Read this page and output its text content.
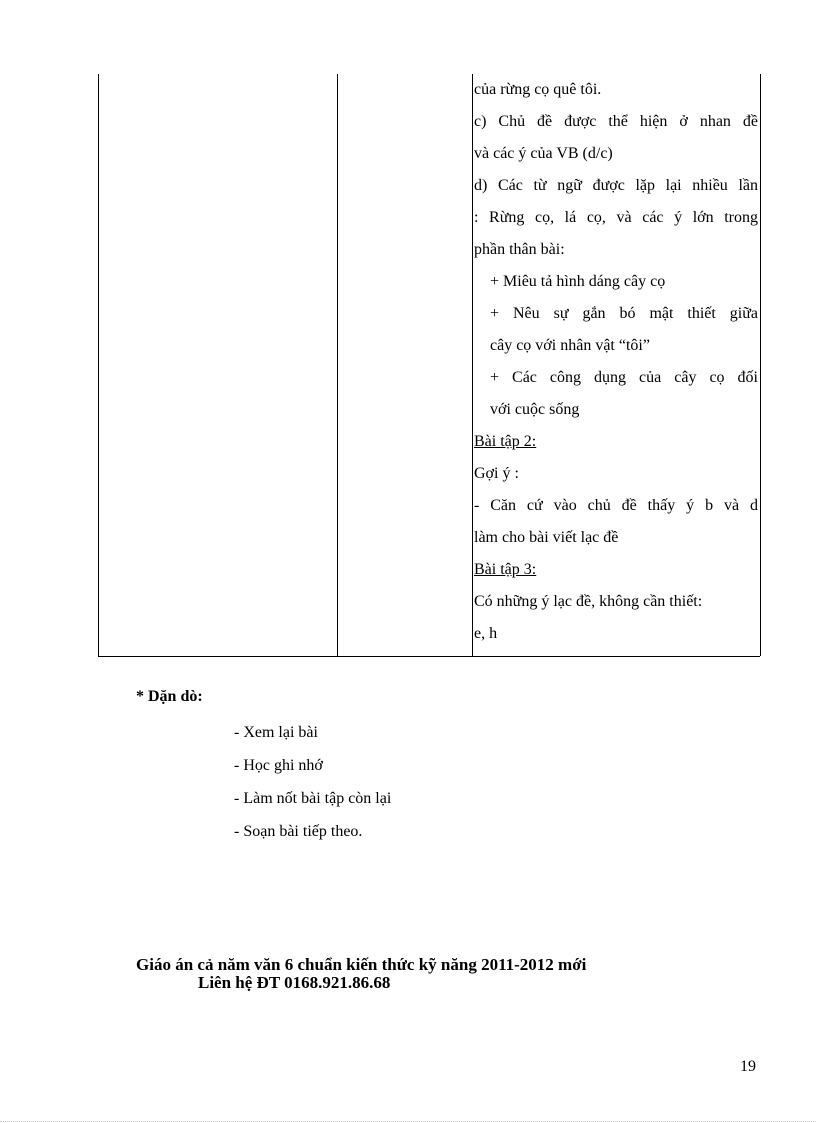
của rừng cọ quê tôi.
c) Chủ đề được thể hiện ở nhan đề
và các ý của VB (d/c)
d) Các từ ngữ được lặp lại nhiều lần
: Rừng cọ, lá cọ, và các ý lớn trong
phần thân bài:
+ Miêu tả hình dáng cây cọ
+ Nêu sự gắn bó mật thiết giữa
cây cọ với nhân vật “tôi”
+ Các công dụng của cây cọ đối
với cuộc sống
Bài tập 2:
Gợi ý :
- Căn cứ vào chủ đề thấy ý b và d
làm cho bài viết lạc đề
Bài tập 3:
Có những ý lạc đề, không cần thiết:
e, h
* Dặn dò:
- Xem lại bài
- Học ghi nhớ
- Làm nốt bài tập còn lại
- Soạn bài tiếp theo.
Giáo án cả năm văn 6 chuẩn kiến thức kỹ năng 2011-2012 mới
Liên hệ ĐT 0168.921.86.68
19
